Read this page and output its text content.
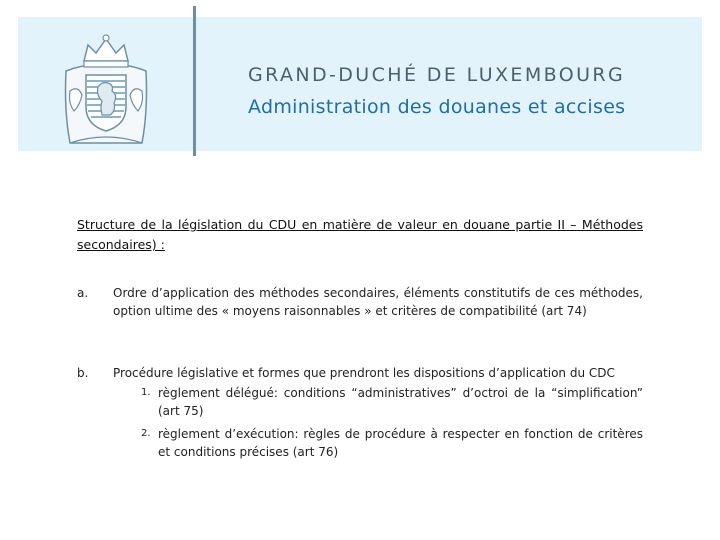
GRAND-DUCHÉ DE LUXEMBOURG
Administration des douanes et accises
Structure de la législation du CDU en matière de valeur en douane partie II – Méthodes secondaires) :
a. Ordre d’application des méthodes secondaires, éléments constitutifs de ces méthodes, option ultime des « moyens raisonnables » et critères de compatibilité (art 74)
b. Procédure législative et formes que prendront les dispositions d’application du CDC
1. règlement délégué: conditions “administratives” d’octroi de la “simplification” (art 75)
2. règlement d’exécution: règles de procédure à respecter en fonction de critères et conditions précises (art 76)
